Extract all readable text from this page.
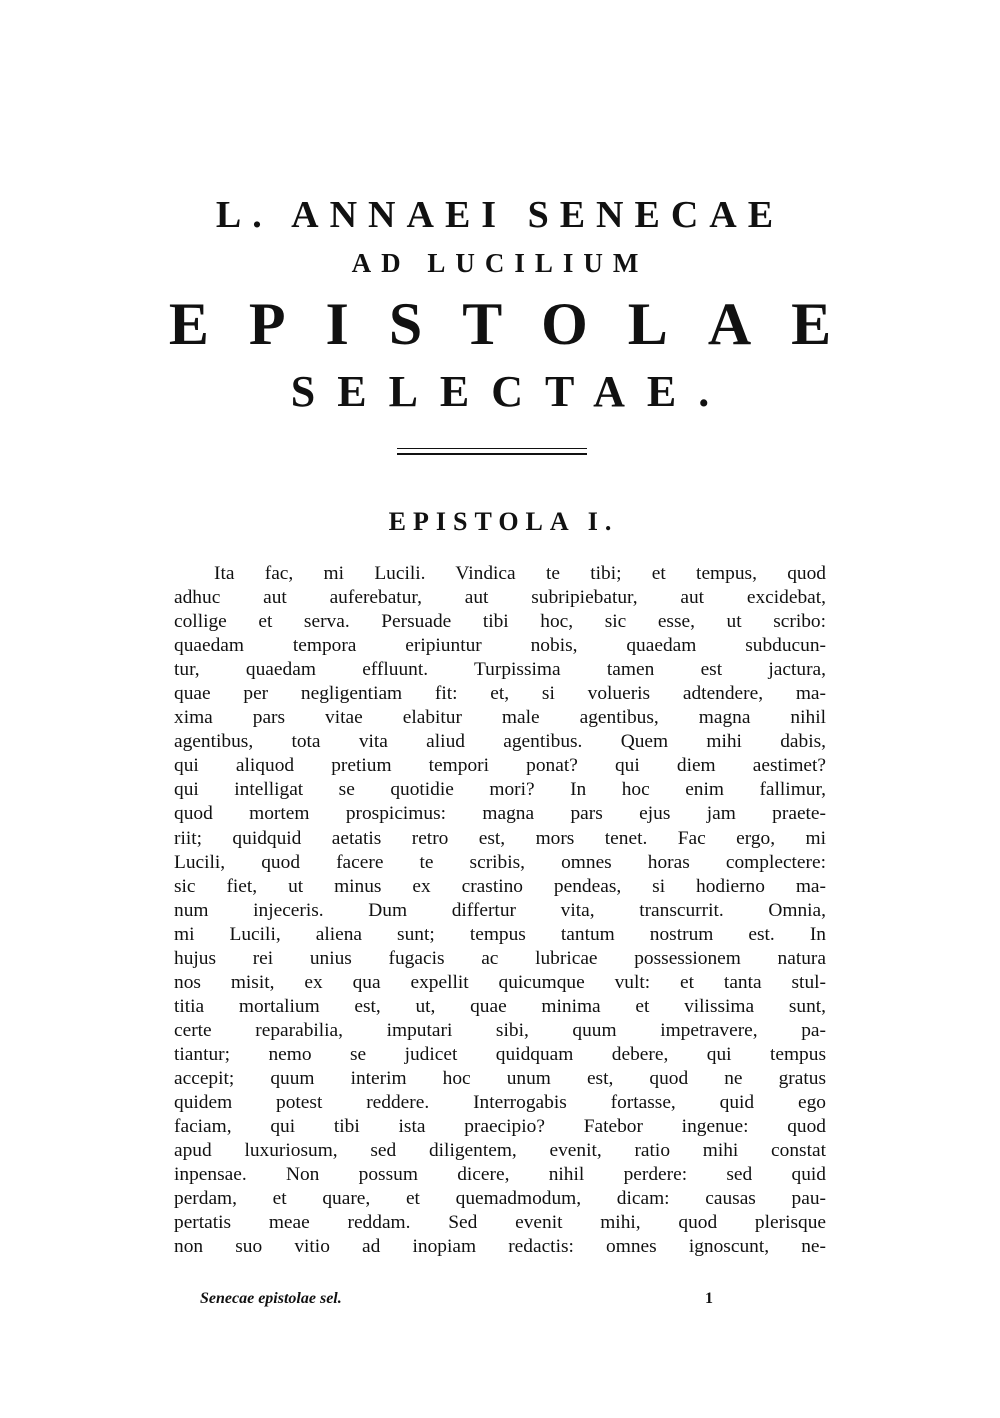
L. ANNAEI SENECAE
AD LUCILIUM
EPISTOLAE
SELECTAE.
EPISTOLA I.
Ita fac, mi Lucili. Vindica te tibi; et tempus, quod
adhuc aut auferebatur, aut subripiebatur, aut excidebat,
collige et serva. Persuade tibi hoc, sic esse, ut scribo:
quaedam tempora eripiuntur nobis, quaedam subducun-
tur, quaedam effluunt. Turpissima tamen est jactura,
quae per negligentiam fit: et, si volueris adtendere, ma-
xima pars vitae elabitur male agentibus, magna nihil
agentibus, tota vita aliud agentibus. Quem mihi dabis,
qui aliquod pretium tempori ponat? qui diem aestimet?
qui intelligat se quotidie mori? In hoc enim fallimur,
quod mortem prospicimus: magna pars ejus jam praete-
riit; quidquid aetatis retro est, mors tenet. Fac ergo, mi
Lucili, quod facere te scribis, omnes horas complectere:
sic fiet, ut minus ex crastino pendeas, si hodierno ma-
num injeceris. Dum differtur vita, transcurrit. Omnia,
mi Lucili, aliena sunt; tempus tantum nostrum est. In
hujus rei unius fugacis ac lubricae possessionem natura
nos misit, ex qua expellit quicumque vult: et tanta stul-
titia mortalium est, ut, quae minima et vilissima sunt,
certe reparabilia, imputari sibi, quum impetravere, pa-
tiantur; nemo se judicet quidquam debere, qui tempus
accepit; quum interim hoc unum est, quod ne gratus
quidem potest reddere. Interrogabis fortasse, quid ego
faciam, qui tibi ista praecipio? Fatebor ingenue: quod
apud luxuriosum, sed diligentem, evenit, ratio mihi constat
inpensae. Non possum dicere, nihil perdere: sed quid
perdam, et quare, et quemadmodum, dicam: causas pau-
pertatis meae reddam. Sed evenit mihi, quod plerisque
non suo vitio ad inopiam redactis: omnes ignoscunt, ne-
Senecae epistolae sel.	1
